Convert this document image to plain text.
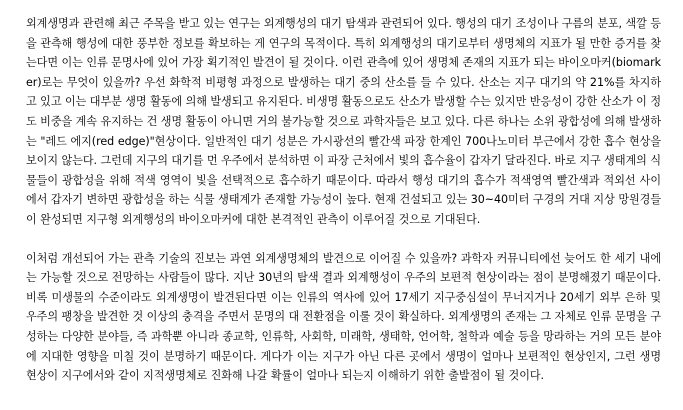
외계생명과 관련해 최근 주목을 받고 있는 연구는 외계행성의 대기 탐색과 관련되어 있다. 행성의 대기 조성이나 구름의 분포, 색깔 등을 관측해 행성에 대한 풍부한 정보를 확보하는 게 연구의 목적이다. 특히 외계행성의 대기로부터 생명체의 지표가 될 만한 증거를 찾는다면 이는 인류 문명사에 있어 가장 획기적인 발견이 될 것이다. 이런 관측에 있어 생명체 존재의 지표가 되는 바이오마커(biomarker)로는 무엇이 있을까? 우선 화학적 비평형 과정으로 발생하는 대기 중의 산소를 들 수 있다. 산소는 지구 대기의 약 21%를 차지하고 있고 이는 대부분 생명 활동에 의해 발생되고 유지된다. 비생명 활동으로도 산소가 발생할 수는 있지만 반응성이 강한 산소가 이 정도 비중을 계속 유지하는 건 생명 활동이 아니면 거의 불가능할 것으로 과학자들은 보고 있다. 다른 하나는 소위 광합성에 의해 발생하는 "레드 에지(red edge)"현상이다. 일반적인 대기 성분은 가시광선의 빨간색 파장 한계인 700나노미터 부근에서 강한 흡수 현상을 보이지 않는다. 그런데 지구의 대기를 먼 우주에서 분석하면 이 파장 근처에서 빛의 흡수율이 갑자기 달라진다. 바로 지구 생태계의 식물들이 광합성을 위해 적색 영역이 빛을 선택적으로 흡수하기 때문이다. 따라서 행성 대기의 흡수가 적색영역 빨간색과 적외선 사이에서 갑자기 변하면 광합성을 하는 식물 생태계가 존재할 가능성이 높다. 현재 건설되고 있는 30~40미터 구경의 거대 지상 망원경들이 완성되면 지구형 외계행성의 바이오마커에 대한 본격적인 관측이 이루어질 것으로 기대된다.

이처럼 개선되어 가는 관측 기술의 진보는 과연 외계생명체의 발견으로 이어질 수 있을까? 과학자 커뮤니티에선 늦어도 한 세기 내에는 가능할 것으로 전망하는 사람들이 많다. 지난 30년의 탐색 결과 외계행성이 우주의 보편적 현상이라는 점이 분명해졌기 때문이다. 비록 미생물의 수준이라도 외계생명이 발견된다면 이는 인류의 역사에 있어 17세기 지구중심설이 무너지거나 20세기 외부 은하 및 우주의 팽창을 발견한 것 이상의 충격을 주면서 문명의 대 전환점을 이룰 것이 확실하다. 외계생명의 존재는 그 자체로 인류 문명을 구성하는 다양한 분야들, 즉 과학뿐 아니라 종교학, 인류학, 사회학, 미래학, 생태학, 언어학, 철학과 예술 등을 망라하는 거의 모든 분야에 지대한 영향을 미칠 것이 분명하기 때문이다. 게다가 이는 지구가 아닌 다른 곳에서 생명이 얼마나 보편적인 현상인지, 그런 생명 현상이 지구에서와 같이 지적생명체로 진화해 나갈 확률이 얼마나 되는지 이해하기 위한 출발점이 될 것이다.
